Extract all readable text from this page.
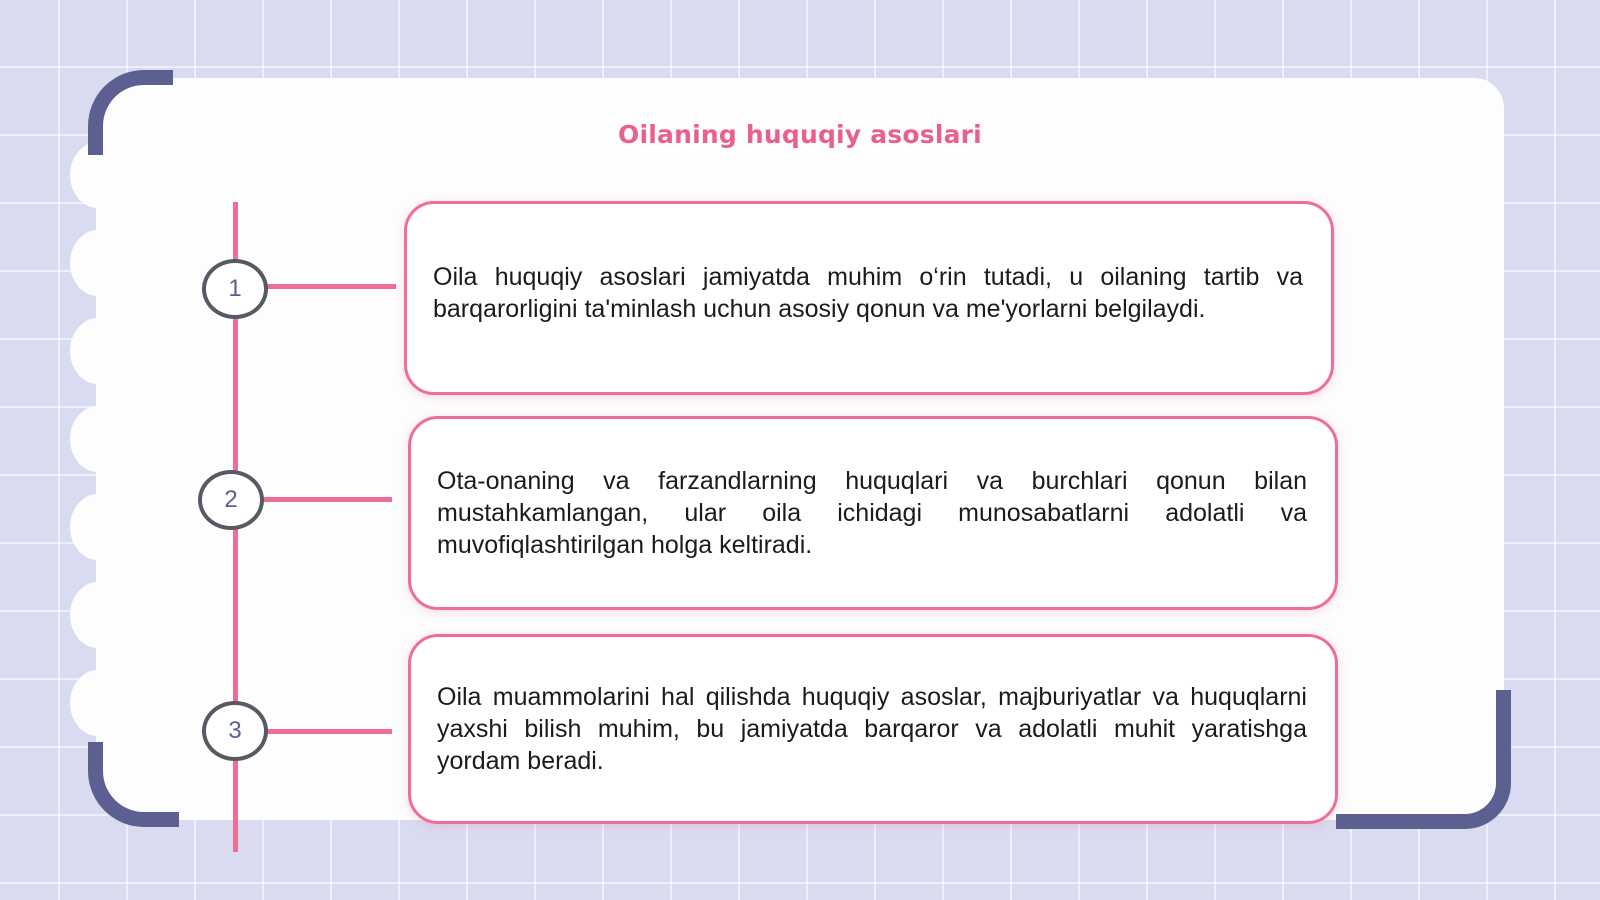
Oilaning huquqiy asoslari
1	Oila huquqiy asoslari jamiyatda muhim o‘rin tutadi, u oilaning tartib va barqarorligini ta'minlash uchun asosiy qonun va me'yorlarni belgilaydi.

2

Ota-onaning va farzandlarning huquqlari va burchlari qonun bilan mustahkamlangan, ular oila ichidagi munosabatlarni adolatli va muvofiqlashtirilgan holga keltiradi.

3

Oila muammolarini hal qilishda huquqiy asoslar, majburiyatlar va huquqlarni yaxshi bilish muhim, bu jamiyatda barqaror va adolatli muhit yaratishga yordam beradi.
